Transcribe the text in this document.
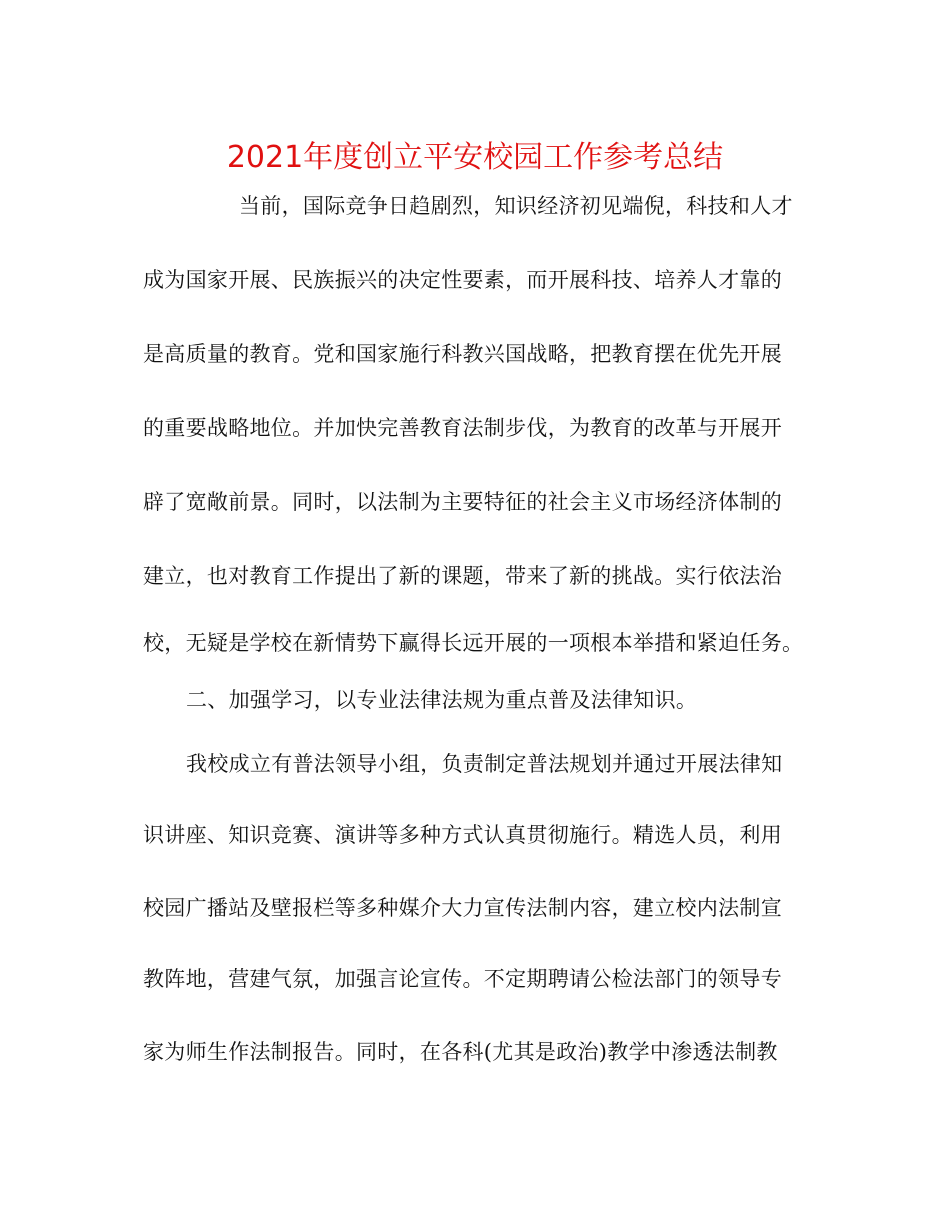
2021年度创立平安校园工作参考总结
当前，国际竞争日趋剧烈，知识经济初见端倪，科技和人才
成为国家开展、民族振兴的决定性要素，而开展科技、培养人才靠的
是高质量的教育。党和国家施行科教兴国战略，把教育摆在优先开展
的重要战略地位。并加快完善教育法制步伐，为教育的改革与开展开
辟了宽敞前景。同时，以法制为主要特征的社会主义市场经济体制的
建立，也对教育工作提出了新的课题，带来了新的挑战。实行依法治
校，无疑是学校在新情势下赢得长远开展的一项根本举措和紧迫任务。
二、加强学习，以专业法律法规为重点普及法律知识。
我校成立有普法领导小组，负责制定普法规划并通过开展法律知
识讲座、知识竞赛、演讲等多种方式认真贯彻施行。精选人员，利用
校园广播站及壁报栏等多种媒介大力宣传法制内容，建立校内法制宣
教阵地，营建气氛，加强言论宣传。不定期聘请公检法部门的领导专
家为师生作法制报告。同时，在各科(尤其是政治)教学中渗透法制教
